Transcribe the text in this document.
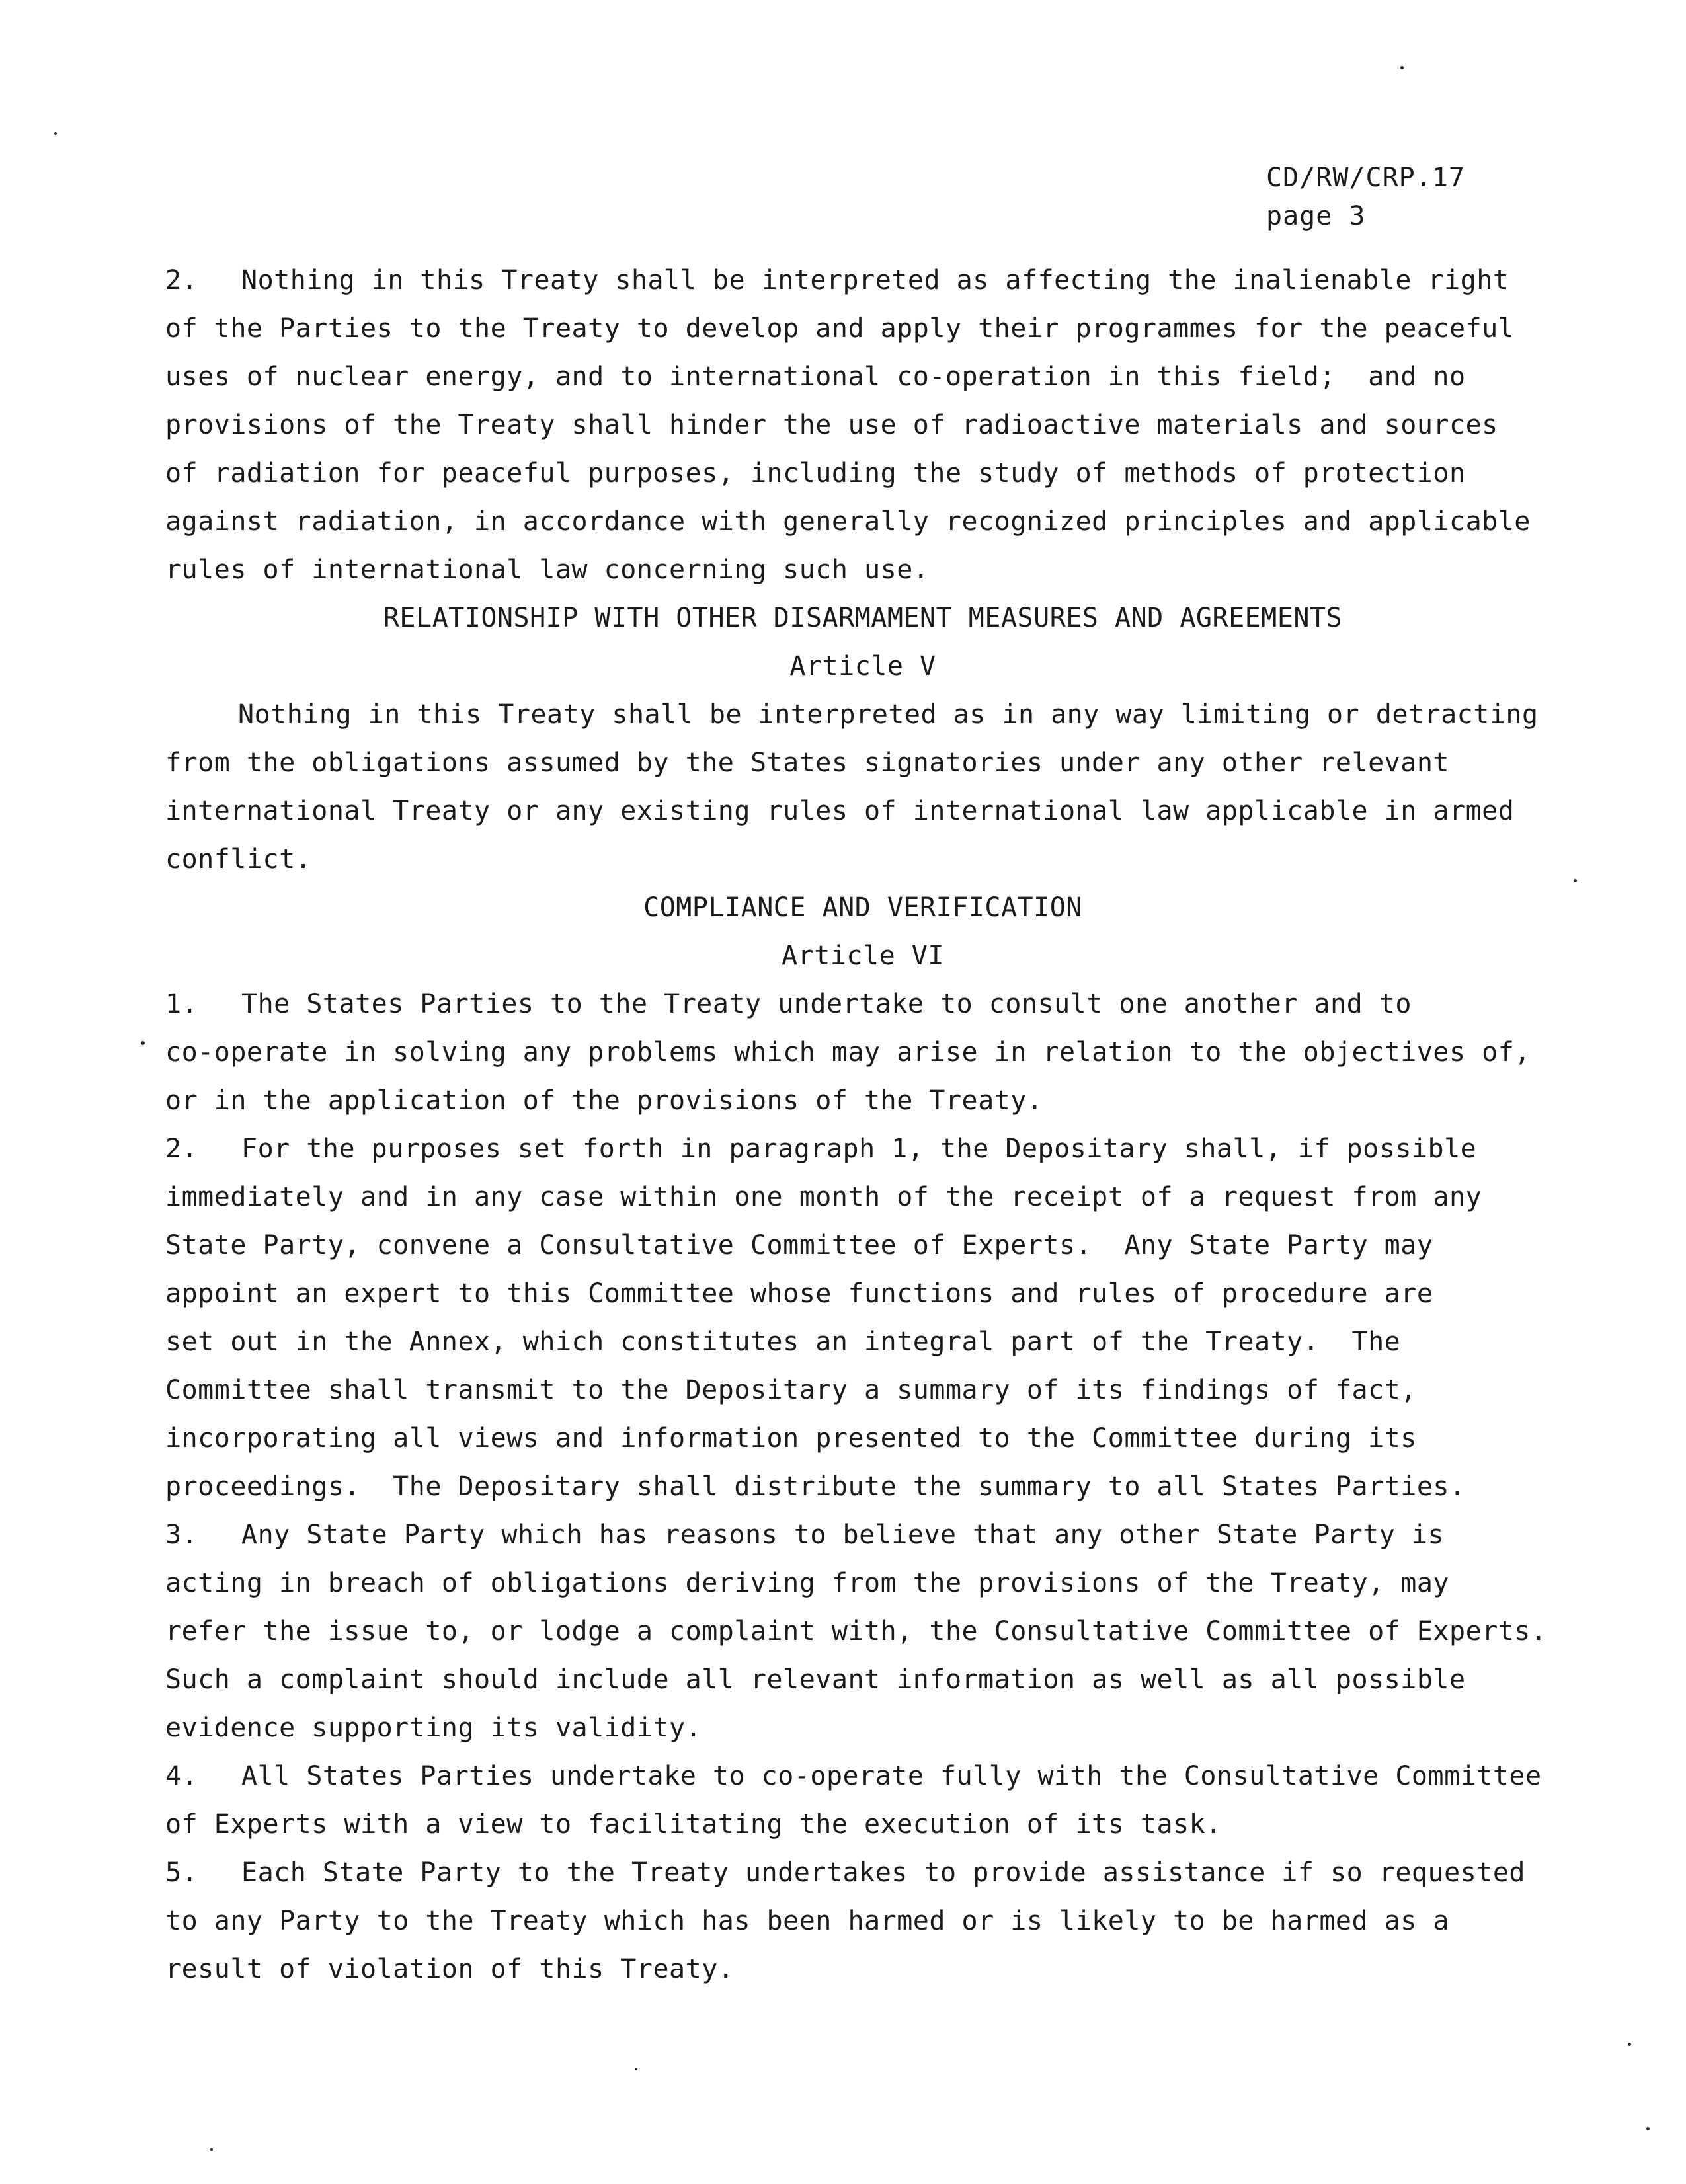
CD/RW/CRP.17
page 3
2. Nothing in this Treaty shall be interpreted as affecting the inalienable right
of the Parties to the Treaty to develop and apply their programmes for the peaceful
uses of nuclear energy, and to international co-operation in this field;  and no
provisions of the Treaty shall hinder the use of radioactive materials and sources
of radiation for peaceful purposes, including the study of methods of protection
against radiation, in accordance with generally recognized principles and applicable
rules of international law concerning such use.
RELATIONSHIP WITH OTHER DISARMAMENT MEASURES AND AGREEMENTS
Article V
Nothing in this Treaty shall be interpreted as in any way limiting or detracting
from the obligations assumed by the States signatories under any other relevant
international Treaty or any existing rules of international law applicable in armed
conflict.
COMPLIANCE AND VERIFICATION
Article VI
1. The States Parties to the Treaty undertake to consult one another and to
co-operate in solving any problems which may arise in relation to the objectives of,
or in the application of the provisions of the Treaty.
2. For the purposes set forth in paragraph 1, the Depositary shall, if possible
immediately and in any case within one month of the receipt of a request from any
State Party, convene a Consultative Committee of Experts.  Any State Party may
appoint an expert to this Committee whose functions and rules of procedure are
set out in the Annex, which constitutes an integral part of the Treaty.  The
Committee shall transmit to the Depositary a summary of its findings of fact,
incorporating all views and information presented to the Committee during its
proceedings.  The Depositary shall distribute the summary to all States Parties.
3. Any State Party which has reasons to believe that any other State Party is
acting in breach of obligations deriving from the provisions of the Treaty, may
refer the issue to, or lodge a complaint with, the Consultative Committee of Experts.
Such a complaint should include all relevant information as well as all possible
evidence supporting its validity.
4. All States Parties undertake to co-operate fully with the Consultative Committee
of Experts with a view to facilitating the execution of its task.
5. Each State Party to the Treaty undertakes to provide assistance if so requested
to any Party to the Treaty which has been harmed or is likely to be harmed as a
result of violation of this Treaty.
